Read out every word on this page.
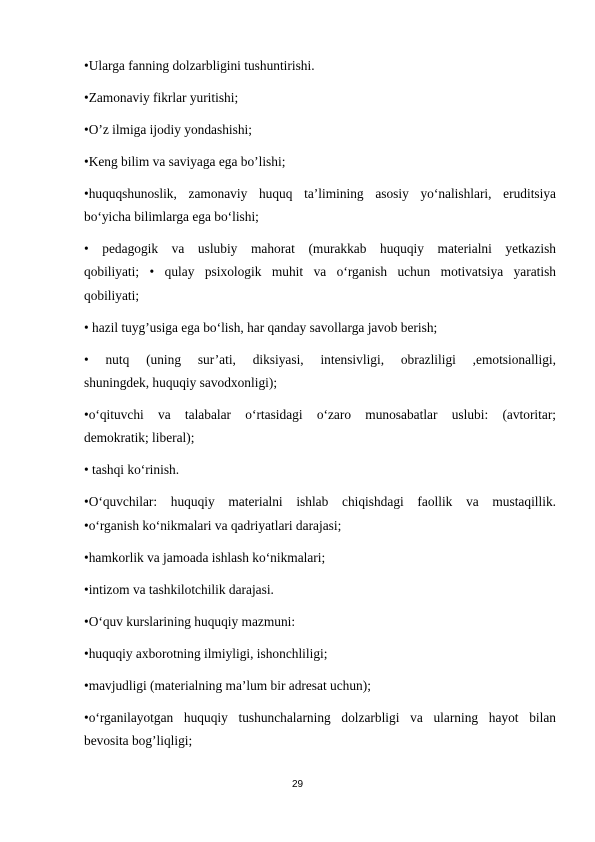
•Ularga fanning dolzarbligini tushuntirishi.
•Zamonaviy fikrlar yuritishi;
•O’z ilmiga ijodiy yondashishi;
•Keng bilim va saviyaga ega bo’lishi;
•huquqshunoslik, zamonaviy huquq ta’limining asosiy yo‘nalishlari, eruditsiya
bo‘yicha bilimlarga ega bo‘lishi;
• pedagogik va uslubiy mahorat (murakkab huquqiy materialni yetkazish
qobiliyati; • qulay psixologik muhit va o‘rganish uchun motivatsiya yaratish
qobiliyati;
• hazil tuyg’usiga ega bo‘lish, har qanday savollarga javob berish;
• nutq (uning sur’ati, diksiyasi, intensivligi, obrazliligi ,emotsionalligi,
shuningdek, huquqiy savodxonligi);
•o‘qituvchi va talabalar o‘rtasidagi o‘zaro munosabatlar uslubi: (avtoritar;
demokratik; liberal);
• tashqi ko‘rinish.
•O‘quvchilar: huquqiy materialni ishlab chiqishdagi faollik va mustaqillik.
•o‘rganish ko‘nikmalari va qadriyatlari darajasi;
•hamkorlik va jamoada ishlash ko‘nikmalari;
•intizom va tashkilotchilik darajasi.
•O‘quv kurslarining huquqiy mazmuni:
•huquqiy axborotning ilmiyligi, ishonchliligi;
•mavjudligi (materialning ma’lum bir adresat uchun);
•o‘rganilayotgan huquqiy tushunchalarning dolzarbligi va ularning hayot bilan
bevosita bog’liqligi;
29
